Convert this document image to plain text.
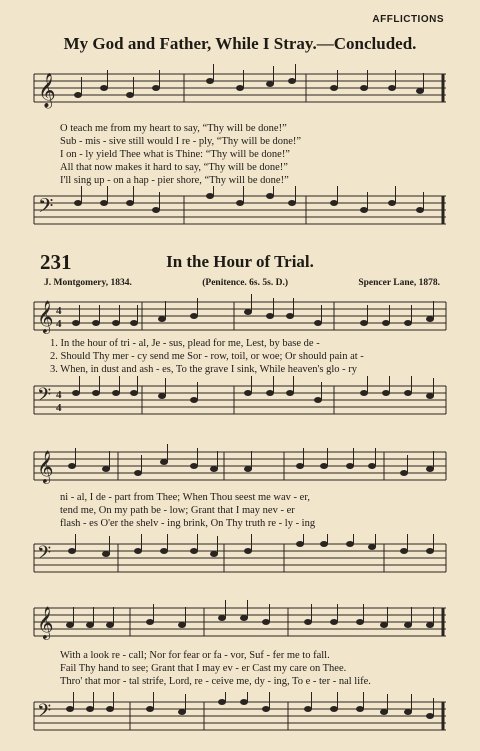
AFFLICTIONS
My God and Father, While I Stray.—Concluded.
𝄞
O teach me from my heart to say, “Thy will be done!”
Sub - mis - sive still would I re - ply, “Thy will be done!”
I on - ly yield Thee what is Thine: “Thy will be done!”
All that now makes it hard to say, “Thy will be done!”
I'll sing up - on a hap - pier shore, “Thy will be done!”
𝄢
231	In the Hour of Trial.
J. Montgomery, 1834.	(Penitence. 6s. 5s. D.)	Spencer Lane, 1878.
𝄞 4
4
1. In the hour of tri - al, Je - sus, plead for me, Lest, by base de -
2. Should Thy mer - cy send me Sor - row, toil, or woe; Or should pain at -
3. When, in dust and ash - es, To the grave I sink, While heaven's glo - ry
𝄢 4
4
𝄞
ni - al, I de - part from Thee; When Thou seest me wav - er,
tend me, On my path be - low; Grant that I may nev - er
flash - es O'er the shelv - ing brink, On Thy truth re - ly - ing
𝄢
𝄞
With a look re - call; Nor for fear or fa - vor, Suf - fer me to fall.
Fail Thy hand to see; Grant that I may ev - er Cast my care on Thee.
Thro' that mor - tal strife, Lord, re - ceive me, dy - ing, To e - ter - nal life.
𝄢
